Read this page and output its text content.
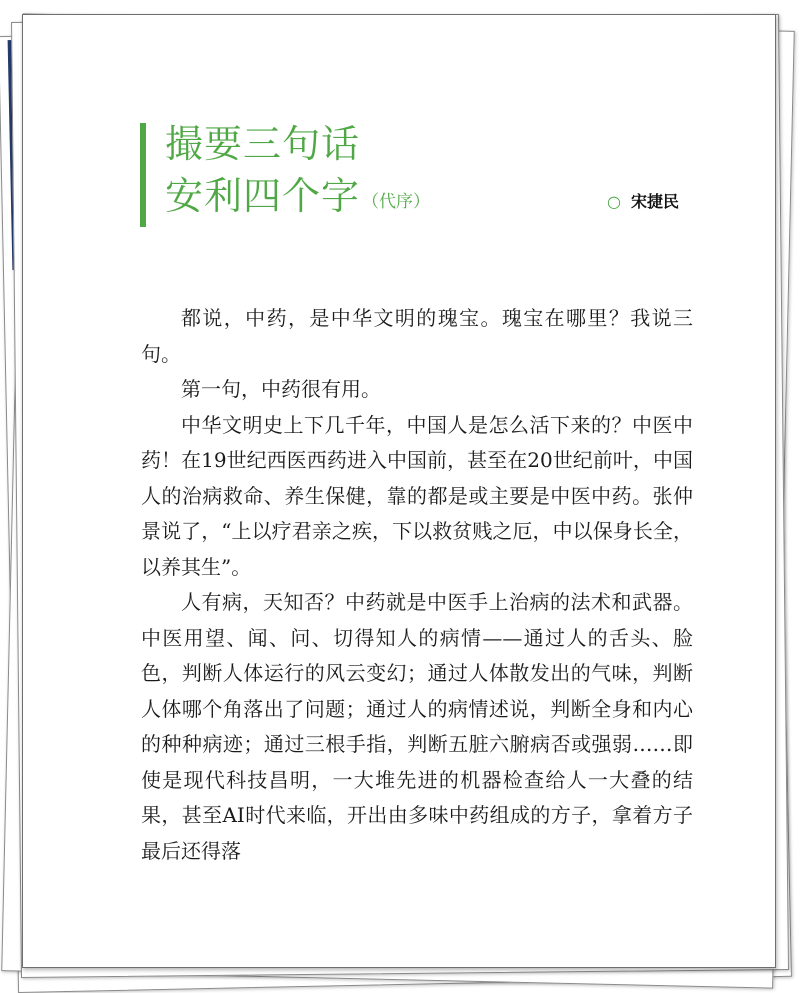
撮要三句话
安利四个字 （代序）	○ 宋捷民

都说，中药，是中华文明的瑰宝。瑰宝在哪里？我说三句。

第一句，中药很有用。

中华文明史上下几千年，中国人是怎么活下来的？中医中药！在19世纪西医西药进入中国前，甚至在20世纪前叶，中国人的治病救命、养生保健，靠的都是或主要是中医中药。张仲景说了，“上以疗君亲之疾，下以救贫贱之厄，中以保身长全，以养其生”。

人有病，天知否？中药就是中医手上治病的法术和武器。中医用望、闻、问、切得知人的病情——通过人的舌头、脸色，判断人体运行的风云变幻；通过人体散发出的气味，判断人体哪个角落出了问题；通过人的病情述说，判断全身和内心的种种病迹；通过三根手指，判断五脏六腑病否或强弱……即使是现代科技昌明，一大堆先进的机器检查给人一大叠的结果，甚至AI时代来临，开出由多味中药组成的方子，拿着方子最后还得落
